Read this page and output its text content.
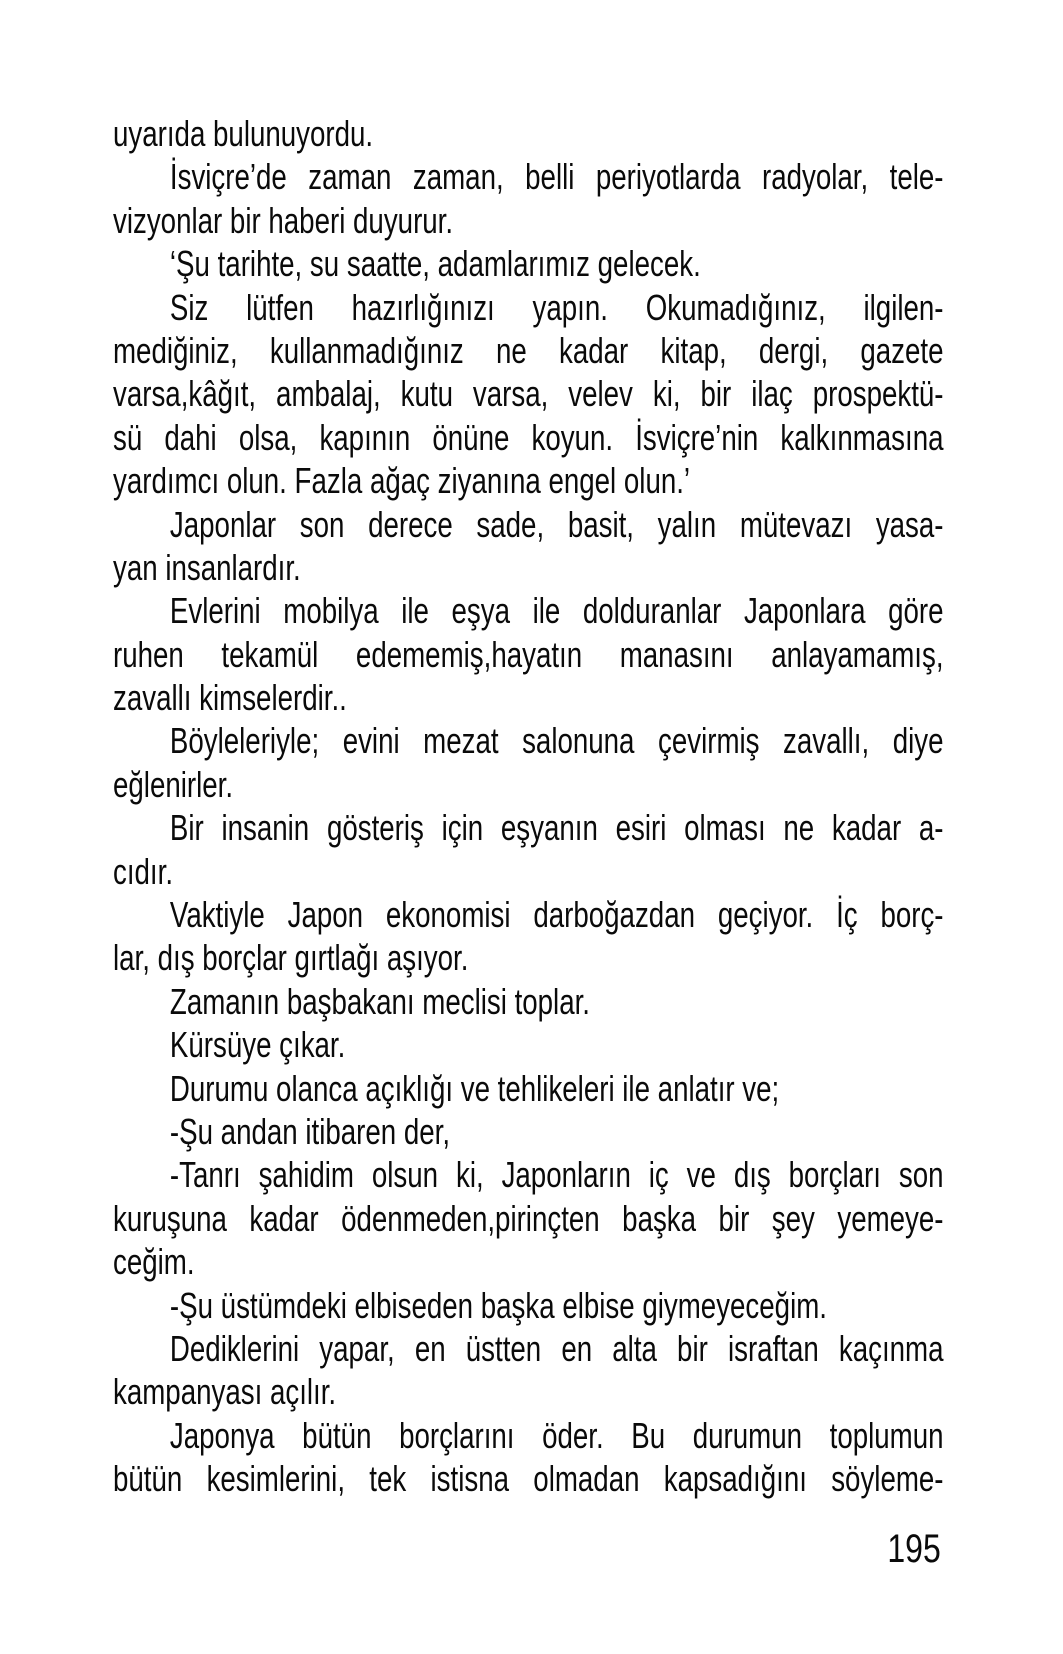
uyarıda bulunuyordu.
İsviçre’de zaman zaman, belli periyotlarda radyolar, tele-
vizyonlar bir haberi duyurur.
‘Şu tarihte, su saatte, adamlarımız gelecek.
Siz lütfen hazırlığınızı yapın. Okumadığınız, ilgilen-
mediğiniz, kullanmadığınız ne kadar kitap, dergi, gazete
varsa,kâğıt, ambalaj, kutu varsa, velev ki, bir ilaç prospektü-
sü dahi olsa, kapının önüne koyun. İsviçre’nin kalkınmasına
yardımcı olun. Fazla ağaç ziyanına engel olun.’
Japonlar son derece sade, basit, yalın mütevazı yasa-
yan insanlardır.
Evlerini mobilya ile eşya ile dolduranlar Japonlara göre
ruhen tekamül edememiş,hayatın manasını anlayamamış,
zavallı kimselerdir..
Böyleleriyle; evini mezat salonuna çevirmiş zavallı, diye
eğlenirler.
Bir insanin gösteriş için eşyanın esiri olması ne kadar a-
cıdır.
Vaktiyle Japon ekonomisi darboğazdan geçiyor. İç borç-
lar, dış borçlar gırtlağı aşıyor.
Zamanın başbakanı meclisi toplar.
Kürsüye çıkar.
Durumu olanca açıklığı ve tehlikeleri ile anlatır ve;
-Şu andan itibaren der,
-Tanrı şahidim olsun ki, Japonların iç ve dış borçları son
kuruşuna kadar ödenmeden,pirinçten başka bir şey yemeye-
ceğim.
-Şu üstümdeki elbiseden başka elbise giymeyeceğim.
Dediklerini yapar, en üstten en alta bir israftan kaçınma
kampanyası açılır.
Japonya bütün borçlarını öder. Bu durumun toplumun
bütün kesimlerini, tek istisna olmadan kapsadığını söyleme-
195
